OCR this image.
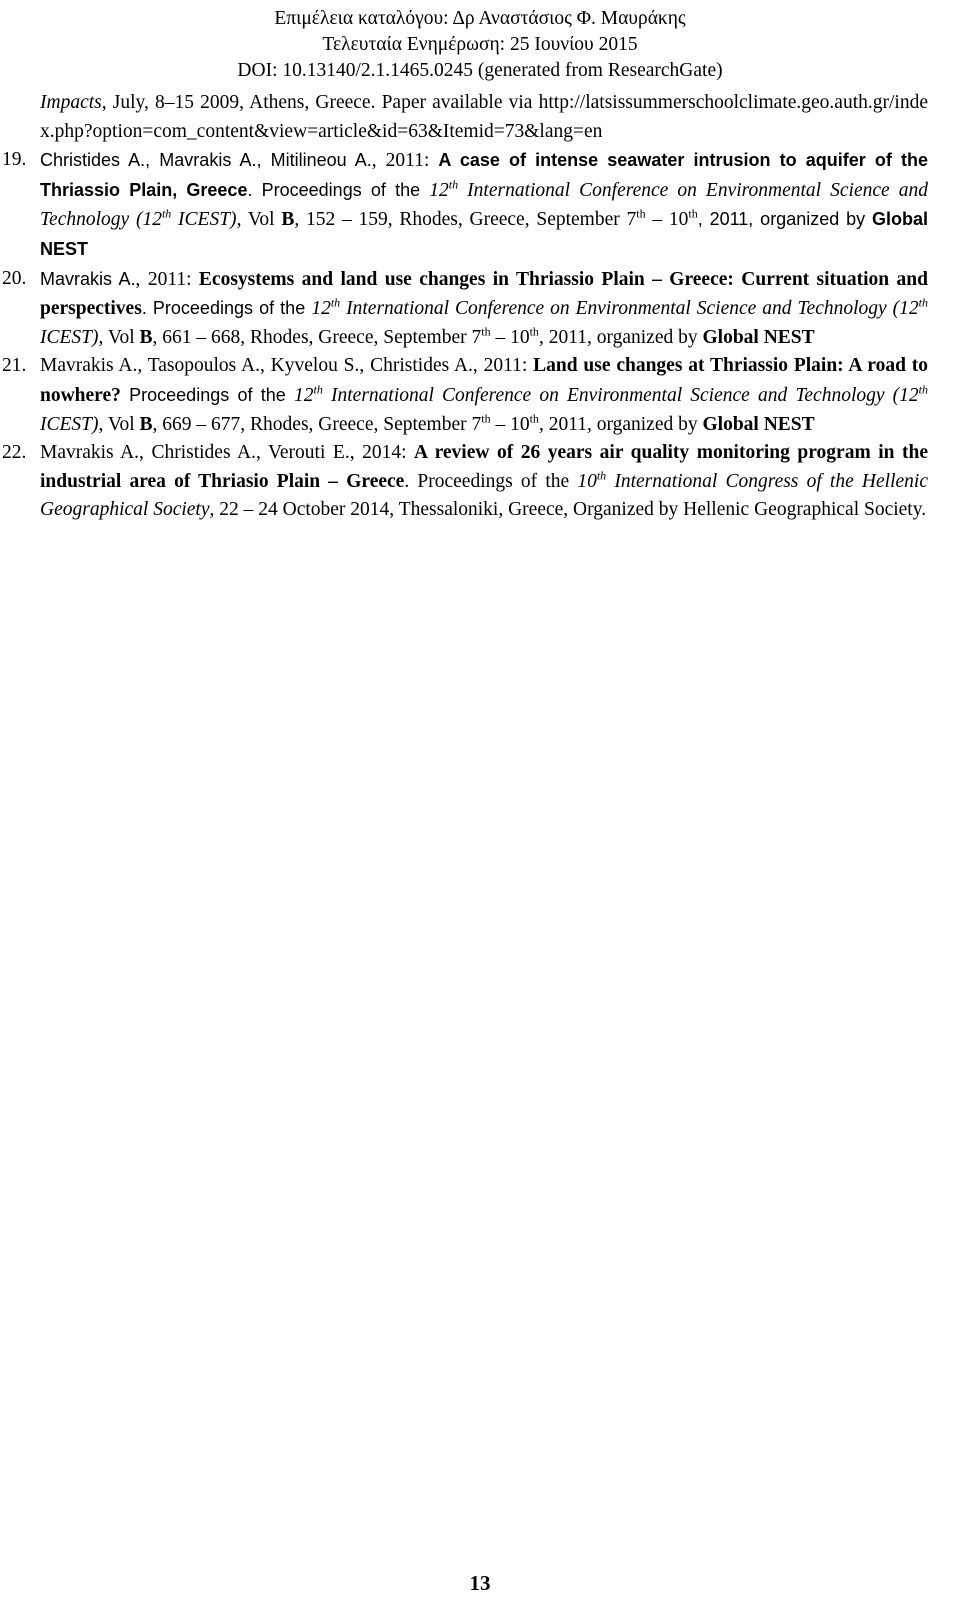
Επιμέλεια καταλόγου: Δρ Αναστάσιος Φ. Μαυράκης
Τελευταία Ενημέρωση: 25 Ιουνίου 2015
DOI: 10.13140/2.1.1465.0245 (generated from ResearchGate)

Impacts, July, 8–15 2009, Athens, Greece. Paper available via http://latsissummerschoolclimate.geo.auth.gr/index.php?option=com_content&view=article&id=63&Itemid=73&lang=en

19. Christides A., Mavrakis A., Mitilineou A., 2011: A case of intense seawater intrusion to aquifer of the Thriassio Plain, Greece. Proceedings of the 12th International Conference on Environmental Science and Technology (12th ICEST), Vol B, 152 – 159, Rhodes, Greece, September 7th – 10th, 2011, organized by Global NEST

20. Mavrakis A., 2011: Ecosystems and land use changes in Thriassio Plain – Greece: Current situation and perspectives. Proceedings of the 12th International Conference on Environmental Science and Technology (12th ICEST), Vol B, 661 – 668, Rhodes, Greece, September 7th – 10th, 2011, organized by Global NEST

21. Mavrakis A., Tasopoulos A., Kyvelou S., Christides A., 2011: Land use changes at Thriassio Plain: A road to nowhere? Proceedings of the 12th International Conference on Environmental Science and Technology (12th ICEST), Vol B, 669 – 677, Rhodes, Greece, September 7th – 10th, 2011, organized by Global NEST

22. Mavrakis A., Christides A., Verouti E., 2014: A review of 26 years air quality monitoring program in the industrial area of Thriasio Plain – Greece. Proceedings of the 10th International Congress of the Hellenic Geographical Society, 22 – 24 October 2014, Thessaloniki, Greece, Organized by Hellenic Geographical Society.

13
